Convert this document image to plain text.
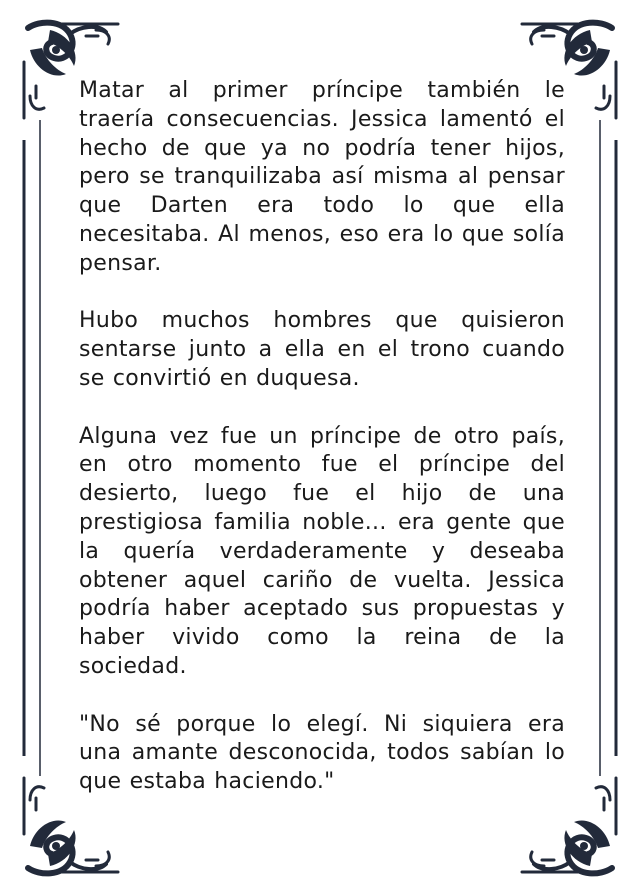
Matar al primer príncipe también le traería consecuencias. Jessica lamentó el hecho de que ya no podría tener hijos, pero se tranquilizaba así misma al pensar que Darten era todo lo que ella necesitaba. Al menos, eso era lo que solía pensar.

Hubo muchos hombres que quisieron sentarse junto a ella en el trono cuando se convirtió en duquesa.

Alguna vez fue un príncipe de otro país, en otro momento fue el príncipe del desierto, luego fue el hijo de una prestigiosa familia noble... era gente que la quería verdaderamente y deseaba obtener aquel cariño de vuelta. Jessica podría haber aceptado sus propuestas y haber vivido como la reina de la sociedad.

"No sé porque lo elegí. Ni siquiera era una amante desconocida, todos sabían lo que estaba haciendo."
